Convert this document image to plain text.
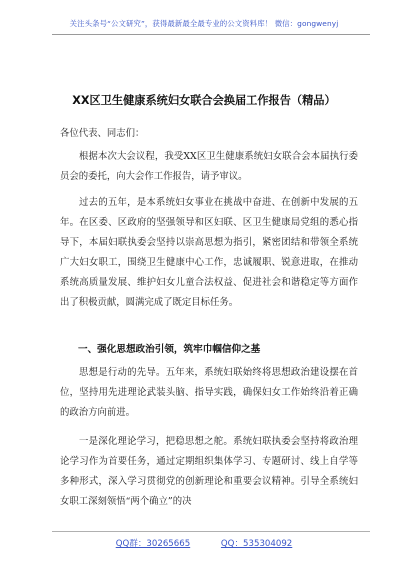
关注头条号“公文研究”，获得最新最全最专业的公文资料库！ 微信：gongwenyj
XX区卫生健康系统妇女联合会换届工作报告（精品）
各位代表、同志们：
根据本次大会议程，我受XX区卫生健康系统妇女联合会本届执行委员会的委托，向大会作工作报告，请予审议。
过去的五年，是本系统妇女事业在挑战中奋进、在创新中发展的五年。在区委、区政府的坚强领导和区妇联、区卫生健康局党组的悉心指导下，本届妇联执委会坚持以崇高思想为指引，紧密团结和带领全系统广大妇女职工，围绕卫生健康中心工作，忠诚履职、锐意进取，在推动系统高质量发展、维护妇女儿童合法权益、促进社会和谐稳定等方面作出了积极贡献，圆满完成了既定目标任务。
一、强化思想政治引领，筑牢巾帼信仰之基
思想是行动的先导。五年来，系统妇联始终将思想政治建设摆在首位，坚持用先进理论武装头脑、指导实践，确保妇女工作始终沿着正确的政治方向前进。
一是深化理论学习，把稳思想之舵。系统妇联执委会坚持将政治理论学习作为首要任务，通过定期组织集体学习、专题研讨、线上自学等多种形式，深入学习贯彻党的创新理论和重要会议精神。引导全系统妇女职工深刻领悟“两个确立”的决
QQ群：30265665	QQ：535304092
